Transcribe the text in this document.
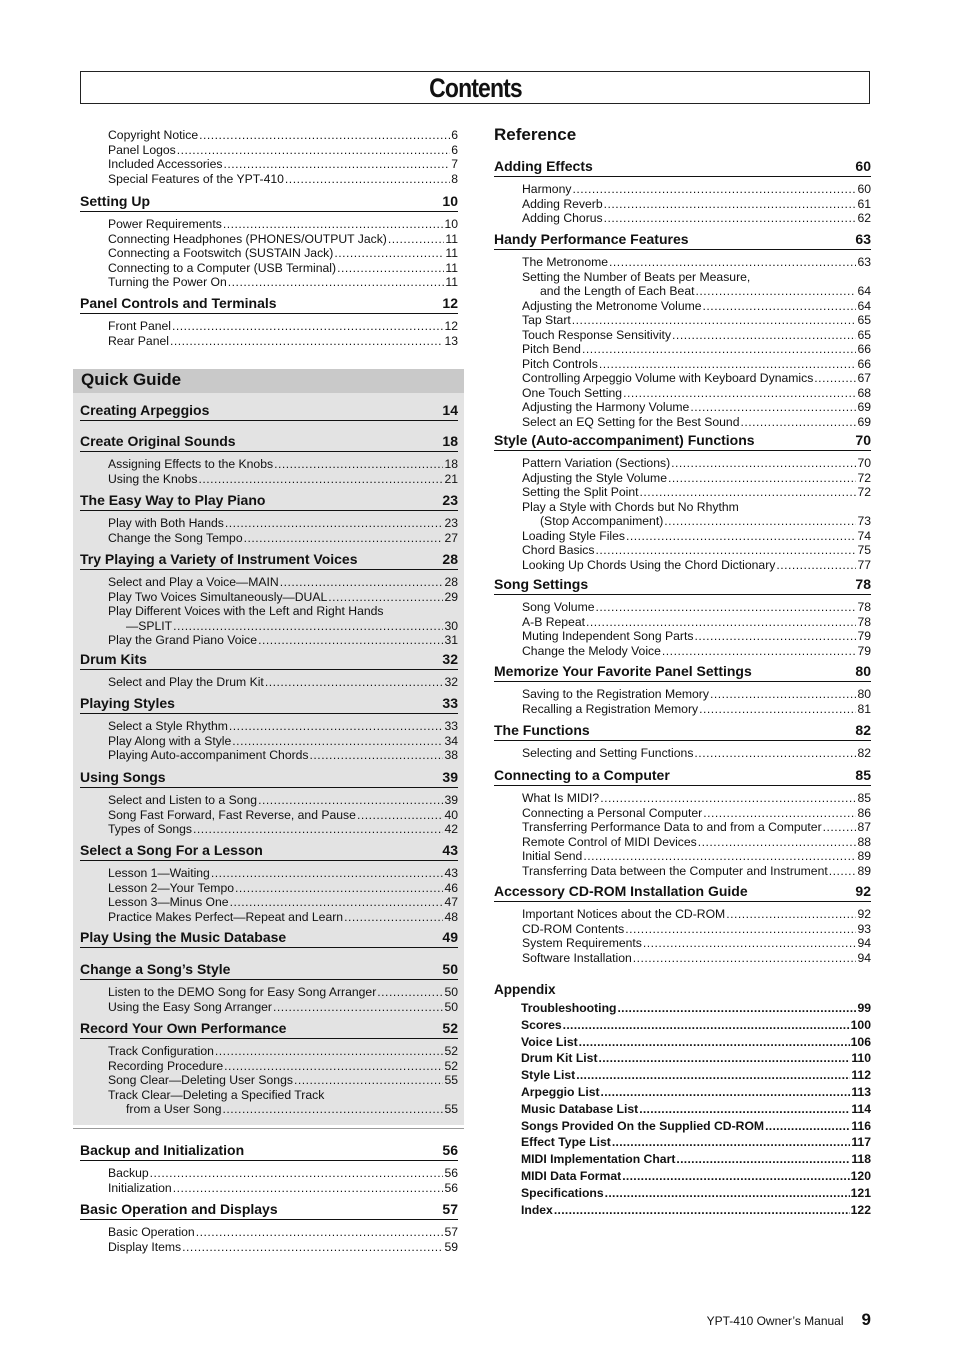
Contents
Quick Guide
Copyright Notice .....	6
Panel Logos .....	6
Included Accessories .....	7
Special Features of the YPT-410 .....	8
Setting Up	10
Power Requirements .....	10
Connecting Headphones (PHONES/OUTPUT Jack) .....	11
Connecting a Footswitch (SUSTAIN Jack) .....	11
Connecting to a Computer (USB Terminal) .....	11
Turning the Power On .....	11
Panel Controls and Terminals	12
Front Panel .....	12
Rear Panel .....	13
Creating Arpeggios	14
Create Original Sounds	18
Assigning Effects to the Knobs .....	18
Using the Knobs .....	21
The Easy Way to Play Piano	23
Play with Both Hands .....	23
Change the Song Tempo .....	27
Try Playing a Variety of Instrument Voices	28
Select and Play a Voice—MAIN .....	28
Play Two Voices Simultaneously—DUAL .....	29
Play Different Voices with the Left and Right Hands
—SPLIT .....	30
Play the Grand Piano Voice .....	31
Drum Kits	32
Select and Play the Drum Kit .....	32
Playing Styles	33
Select a Style Rhythm .....	33
Play Along with a Style .....	34
Playing Auto-accompaniment Chords .....	38
Using Songs	39
Select and Listen to a Song .....	39
Song Fast Forward, Fast Reverse, and Pause .....	40
Types of Songs .....	42
Select a Song For a Lesson	43
Lesson 1—Waiting .....	43
Lesson 2—Your Tempo .....	46
Lesson 3—Minus One .....	47
Practice Makes Perfect—Repeat and Learn .....	48
Play Using the Music Database	49
Change a Song’s Style	50
Listen to the DEMO Song for Easy Song Arranger .....	50
Using the Easy Song Arranger .....	50
Record Your Own Performance	52
Track Configuration .....	52
Recording Procedure .....	52
Song Clear—Deleting User Songs .....	55
Track Clear—Deleting a Specified Track
from a User Song .....	55
Backup and Initialization	56
Backup .....	56
Initialization .....	56
Basic Operation and Displays	57
Basic Operation .....	57
Display Items .....	59
Reference
Adding Effects	60
Harmony .....	60
Adding Reverb .....	61
Adding Chorus .....	62
Handy Performance Features	63
The Metronome .....	63
Setting the Number of Beats per Measure,
and the Length of Each Beat .....	64
Adjusting the Metronome Volume .....	64
Tap Start .....	65
Touch Response Sensitivity .....	65
Pitch Bend .....	66
Pitch Controls .....	66
Controlling Arpeggio Volume with Keyboard Dynamics .....	67
One Touch Setting .....	68
Adjusting the Harmony Volume .....	69
Select an EQ Setting for the Best Sound .....	69
Style (Auto-accompaniment) Functions	70
Pattern Variation (Sections) .....	70
Adjusting the Style Volume .....	72
Setting the Split Point .....	72
Play a Style with Chords but No Rhythm
(Stop Accompaniment) .....	73
Loading Style Files .....	74
Chord Basics .....	75
Looking Up Chords Using the Chord Dictionary .....	77
Song Settings	78
Song Volume .....	78
A-B Repeat .....	78
Muting Independent Song Parts .....	79
Change the Melody Voice .....	79
Memorize Your Favorite Panel Settings	80
Saving to the Registration Memory .....	80
Recalling a Registration Memory .....	81
The Functions	82
Selecting and Setting Functions .....	82
Connecting to a Computer	85
What Is MIDI? .....	85
Connecting a Personal Computer .....	86
Transferring Performance Data to and from a Computer .....	87
Remote Control of MIDI Devices .....	88
Initial Send .....	89
Transferring Data between the Computer and Instrument ..... 89
Accessory CD-ROM Installation Guide	92
Important Notices about the CD-ROM .....	92
CD-ROM Contents .....	93
System Requirements .....	94
Software Installation .....	94
Appendix
Troubleshooting .....	99
Scores .....	100
Voice List .....	106
Drum Kit List .....	110
Style List .....	112
Arpeggio List .....	113
Music Database List .....	114
Songs Provided On the Supplied CD-ROM .....	116
Effect Type List .....	117
MIDI Implementation Chart .....	118
MIDI Data Format .....	120
Specifications .....	121
Index .....	122
YPT-410 Owner’s Manual 9
